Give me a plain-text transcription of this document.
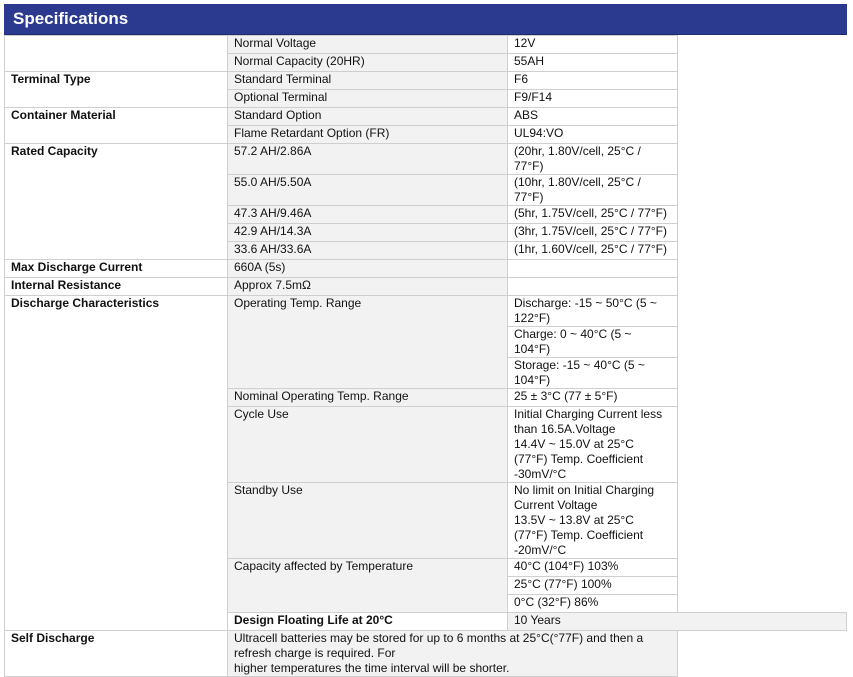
Specifications
	Normal Voltage	12V
	Normal Capacity (20HR)	55AH
Terminal Type	Standard Terminal	F6
	Optional Terminal	F9/F14
Container Material	Standard Option	ABS
	Flame Retardant Option (FR)	UL94:VO
Rated Capacity	57.2 AH/2.86A	(20hr, 1.80V/cell, 25°C / 77°F)
	55.0 AH/5.50A	(10hr, 1.80V/cell, 25°C / 77°F)
	47.3 AH/9.46A	(5hr, 1.75V/cell, 25°C / 77°F)
	42.9 AH/14.3A	(3hr, 1.75V/cell, 25°C / 77°F)
	33.6 AH/33.6A	(1hr, 1.60V/cell, 25°C / 77°F)
Max Discharge Current	660A (5s)	
Internal Resistance	Approx 7.5mΩ	
Discharge Characteristics	Operating Temp. Range	Discharge: -15 ~ 50°C (5 ~ 122°F)
		Charge: 0 ~ 40°C (5 ~ 104°F)
		Storage: -15 ~ 40°C (5 ~ 104°F)
	Nominal Operating Temp. Range	25 ± 3°C (77 ± 5°F)
	Cycle Use	Initial Charging Current less than 16.5A.Voltage
14.4V ~ 15.0V at 25°C (77°F) Temp. Coefficient -30mV/°C

	Standby Use	No limit on Initial Charging Current Voltage
13.5V ~ 13.8V at 25°C (77°F) Temp. Coefficient -20mV/°C

	Capacity affected by Temperature	40°C (104°F) 103%
		25°C (77°F) 100%
		0°C (32°F) 86%
	Design Floating Life at 20°C	10 Years
Self Discharge	Ultracell batteries may be stored for up to 6 months at 25°C(°77F) and then a refresh charge is required. For
higher temperatures the time interval will be shorter.	
